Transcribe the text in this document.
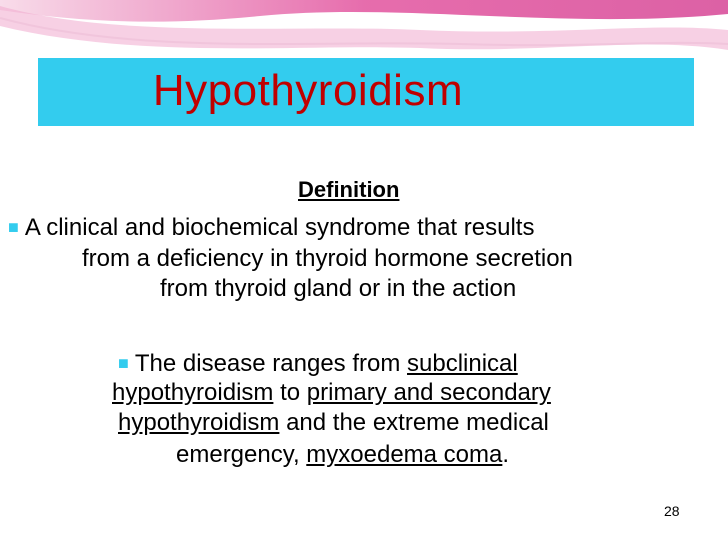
Hypothyroidism
Definition
■ A clinical and biochemical syndrome that results
from a deficiency in thyroid hormone secretion
from thyroid gland or in the action
■ The disease ranges from subclinical
hypothyroidism to primary and secondary
hypothyroidism and the extreme medical
emergency, myxoedema coma.
28
